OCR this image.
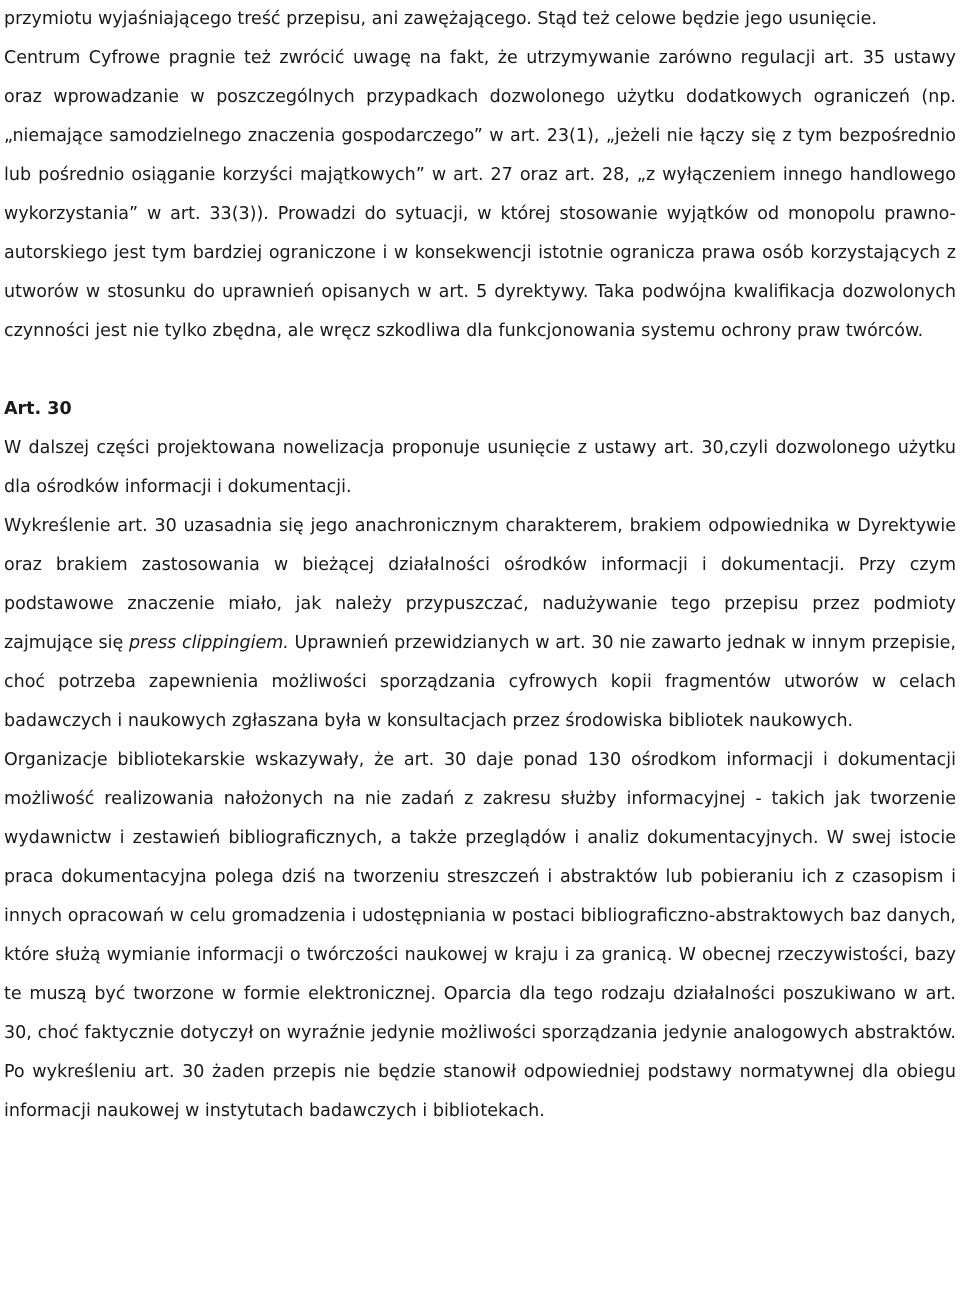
przymiotu wyjaśniającego treść przepisu, ani zawężającego. Stąd też celowe będzie jego usunięcie.

Centrum Cyfrowe pragnie też zwrócić uwagę na fakt, że utrzymywanie zarówno regulacji art. 35 ustawy oraz wprowadzanie w poszczególnych przypadkach dozwolonego użytku dodatkowych ograniczeń (np. „niemające samodzielnego znaczenia gospodarczego” w art. 23(1), „jeżeli nie łączy się z tym bezpośrednio lub pośrednio osiąganie korzyści majątkowych” w art. 27 oraz art. 28, „z wyłączeniem innego handlowego wykorzystania” w art. 33(3)). Prowadzi do sytuacji, w której stosowanie wyjątków od monopolu prawno-autorskiego jest tym bardziej ograniczone i w konsekwencji istotnie ogranicza prawa osób korzystających z utworów w stosunku do uprawnień opisanych w art. 5 dyrektywy. Taka podwójna kwalifikacja dozwolonych czynności jest nie tylko zbędna, ale wręcz szkodliwa dla funkcjonowania systemu ochrony praw twórców.

Art. 30

W dalszej części projektowana nowelizacja proponuje usunięcie z ustawy art. 30,czyli dozwolonego użytku dla ośrodków informacji i dokumentacji.

Wykreślenie art. 30 uzasadnia się jego anachronicznym charakterem, brakiem odpowiednika w Dyrektywie oraz brakiem zastosowania w bieżącej działalności ośrodków informacji i dokumentacji. Przy czym podstawowe znaczenie miało, jak należy przypuszczać, nadużywanie tego przepisu przez podmioty zajmujące się press clippingiem. Uprawnień przewidzianych w art. 30 nie zawarto jednak w innym przepisie, choć potrzeba zapewnienia możliwości sporządzania cyfrowych kopii fragmentów utworów w celach badawczych i naukowych zgłaszana była w konsultacjach przez środowiska bibliotek naukowych.

Organizacje bibliotekarskie wskazywały, że art. 30 daje ponad 130 ośrodkom informacji i dokumentacji możliwość realizowania nałożonych na nie zadań z zakresu służby informacyjnej - takich jak tworzenie wydawnictw i zestawień bibliograficznych, a także przeglądów i analiz dokumentacyjnych. W swej istocie praca dokumentacyjna polega dziś na tworzeniu streszczeń i abstraktów lub pobieraniu ich z czasopism i innych opracowań w celu gromadzenia i udostępniania w postaci bibliograficzno-abstraktowych baz danych, które służą wymianie informacji o twórczości naukowej w kraju i za granicą. W obecnej rzeczywistości, bazy te muszą być tworzone w formie elektronicznej. Oparcia dla tego rodzaju działalności poszukiwano w art. 30, choć faktycznie dotyczył on wyraźnie jedynie możliwości sporządzania jedynie analogowych abstraktów. Po wykreśleniu art. 30 żaden przepis nie będzie stanowił odpowiedniej podstawy normatywnej dla obiegu informacji naukowej w instytutach badawczych i bibliotekach.
